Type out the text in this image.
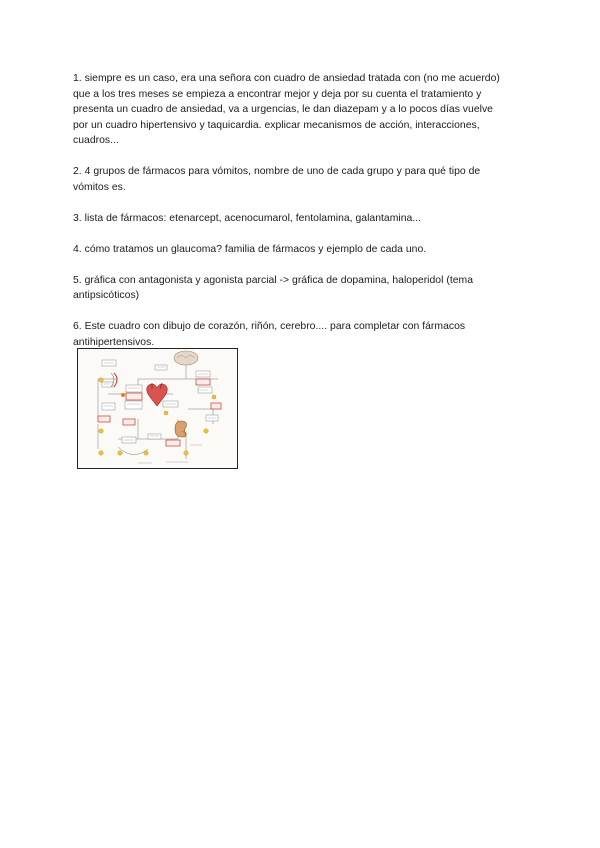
1. siempre es un caso, era una señora con cuadro de ansiedad tratada con (no me acuerdo)
que a los tres meses se empieza a encontrar mejor y deja por su cuenta el tratamiento y
presenta un cuadro de ansiedad, va a urgencias, le dan diazepam y a lo pocos días vuelve
por un cuadro hipertensivo y taquicardia. explicar mecanismos de acción, interacciones,
cuadros...

2. 4 grupos de fármacos para vómitos, nombre de uno de cada grupo y para qué tipo de
vómitos es.

3. lista de fármacos: etenarcept, acenocumarol, fentolamina, galantamina...

4. cómo tratamos un glaucoma? familia de fármacos y ejemplo de cada uno.

5. gráfica con antagonista y agonista parcial -> gráfica de dopamina, haloperidol (tema
antipsicóticos)

6. Este cuadro con dibujo de corazón, riñón, cerebro.... para completar con fármacos
antihipertensivos.
